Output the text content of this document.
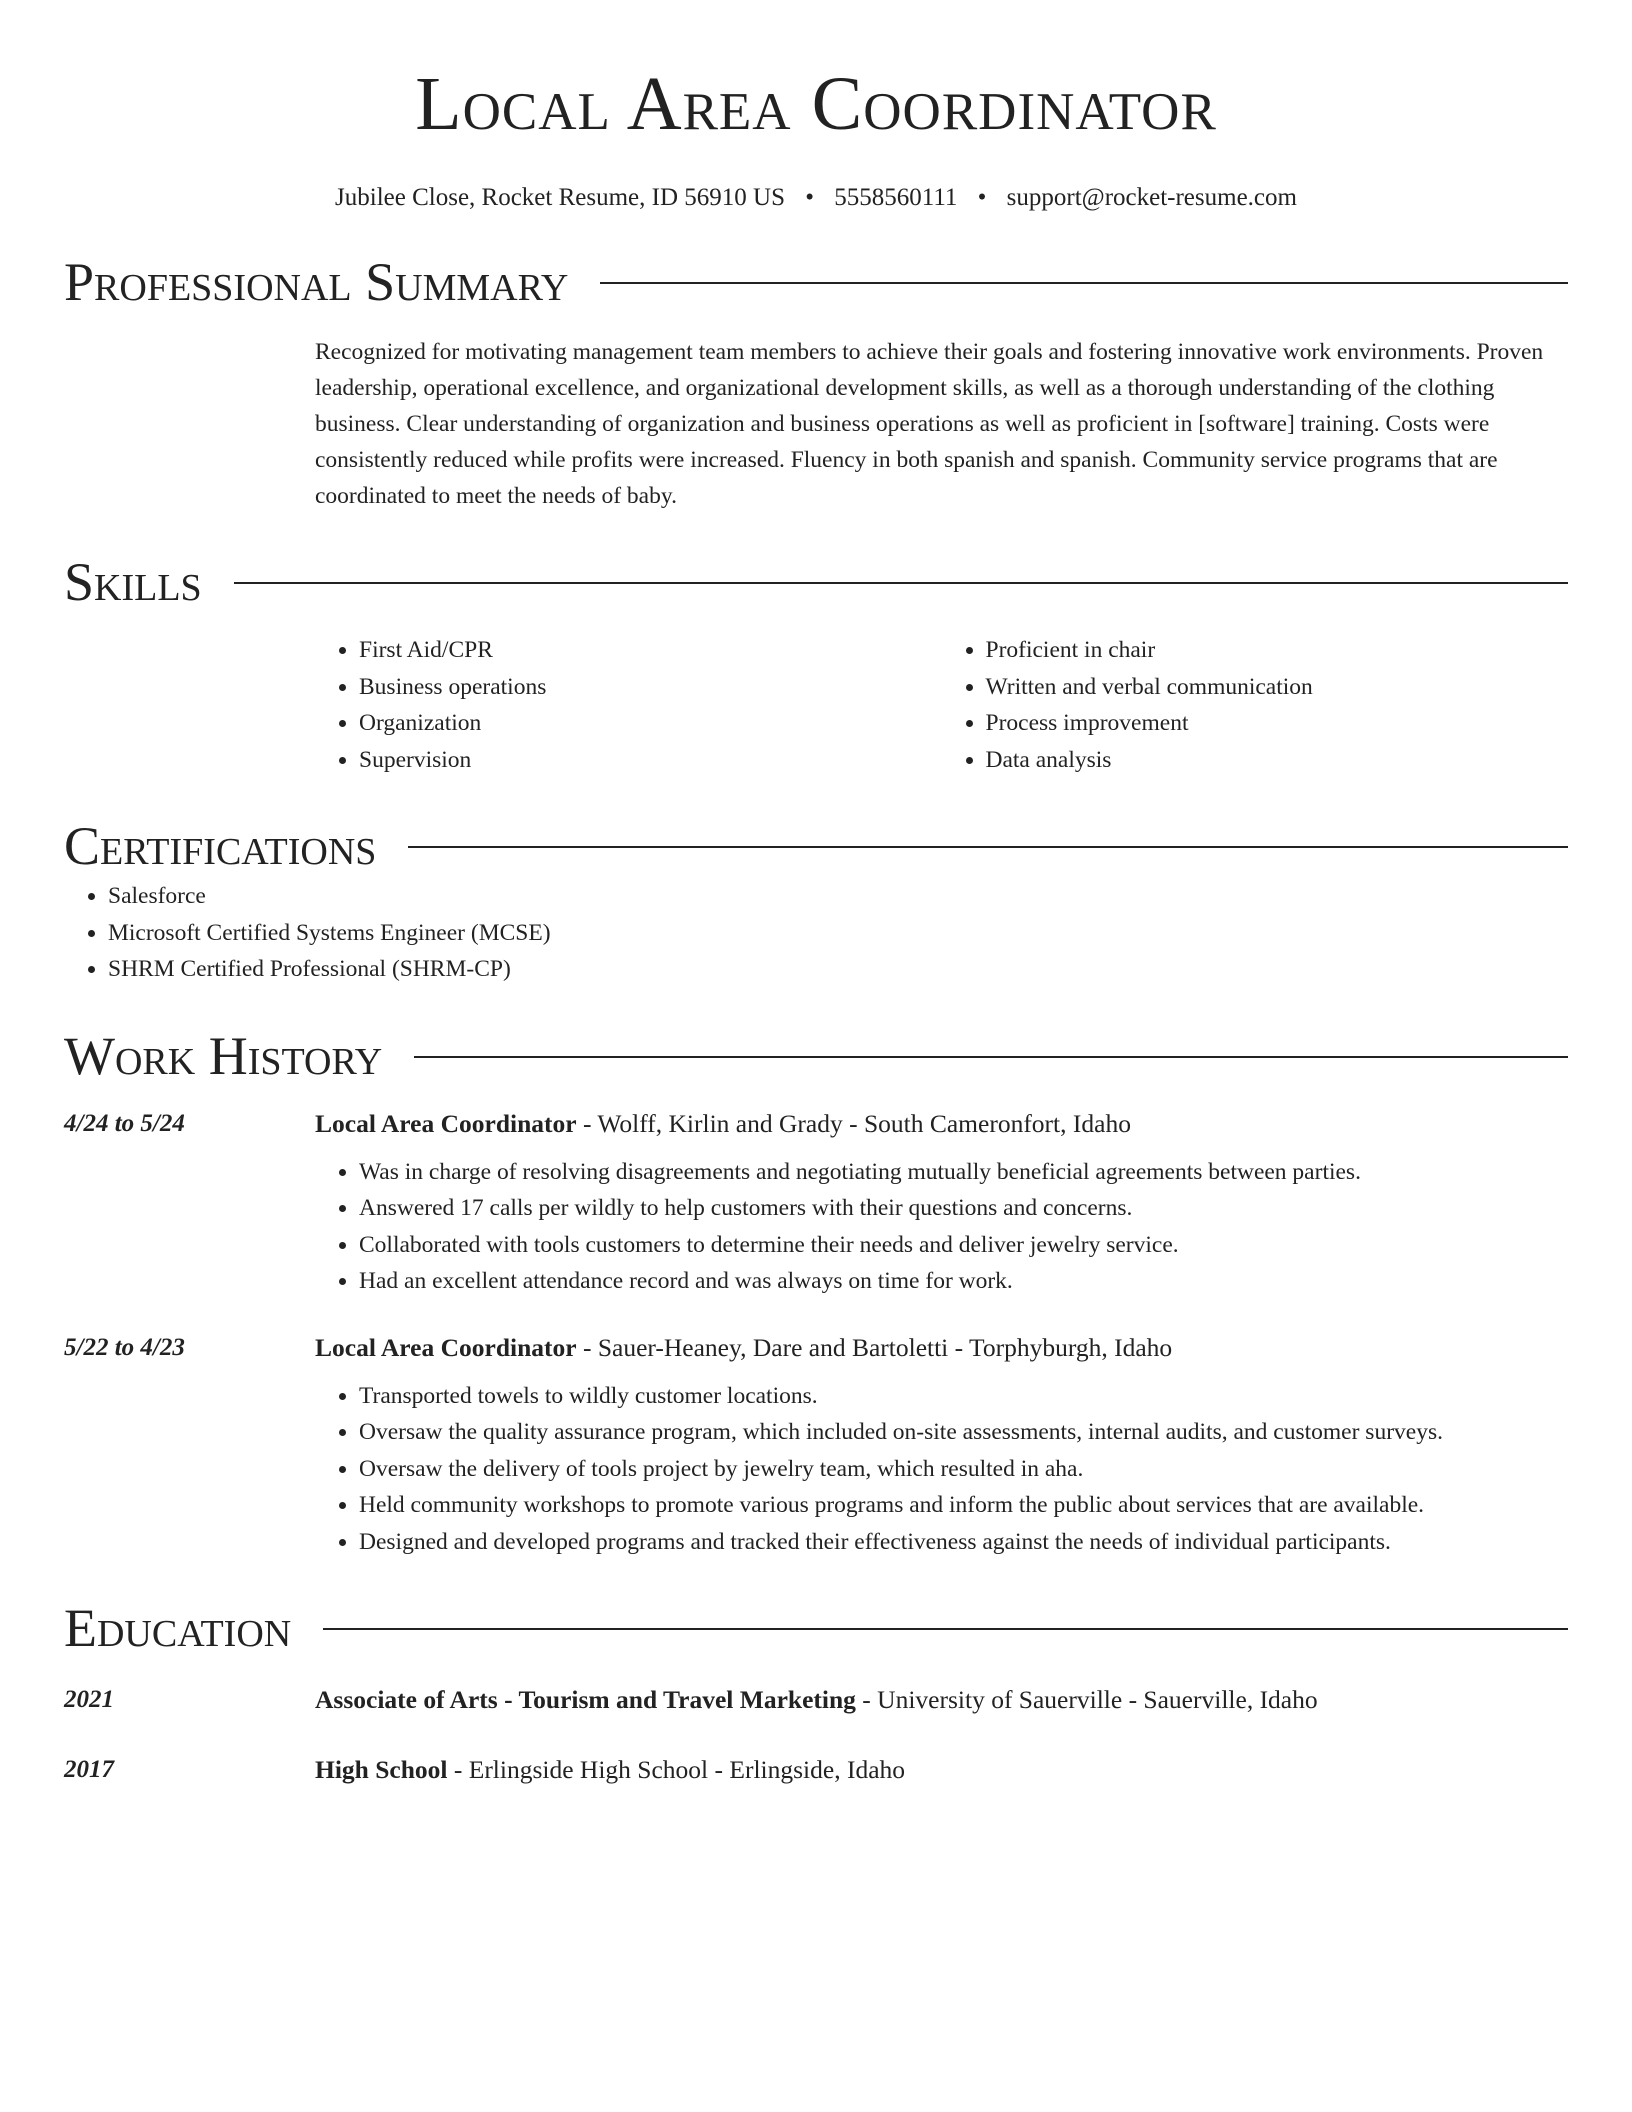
Local Area Coordinator
Jubilee Close, Rocket Resume, ID 56910 US • 5558560111 • support@rocket-resume.com
Professional Summary
Recognized for motivating management team members to achieve their goals and fostering innovative work environments. Proven leadership, operational excellence, and organizational development skills, as well as a thorough understanding of the clothing business. Clear understanding of organization and business operations as well as proficient in [software] training. Costs were consistently reduced while profits were increased. Fluency in both spanish and spanish. Community service programs that are coordinated to meet the needs of baby.
Skills
• First Aid/CPR
• Business operations
• Organization
• Supervision
• Proficient in chair
• Written and verbal communication
• Process improvement
• Data analysis
Certifications
• Salesforce
• Microsoft Certified Systems Engineer (MCSE)
• SHRM Certified Professional (SHRM-CP)
Work History
4/24 to 5/24	Local Area Coordinator - Wolff, Kirlin and Grady - South Cameronfort, Idaho
• Was in charge of resolving disagreements and negotiating mutually beneficial agreements between parties.
• Answered 17 calls per wildly to help customers with their questions and concerns.
• Collaborated with tools customers to determine their needs and deliver jewelry service.
• Had an excellent attendance record and was always on time for work.
5/22 to 4/23	Local Area Coordinator - Sauer-Heaney, Dare and Bartoletti - Torphyburgh, Idaho
• Transported towels to wildly customer locations.
• Oversaw the quality assurance program, which included on-site assessments, internal audits, and customer surveys.
• Oversaw the delivery of tools project by jewelry team, which resulted in aha.
• Held community workshops to promote various programs and inform the public about services that are available.
• Designed and developed programs and tracked their effectiveness against the needs of individual participants.
Education
2021	Associate of Arts - Tourism and Travel Marketing - University of Sauerville - Sauerville, Idaho
2017	High School - Erlingside High School - Erlingside, Idaho
